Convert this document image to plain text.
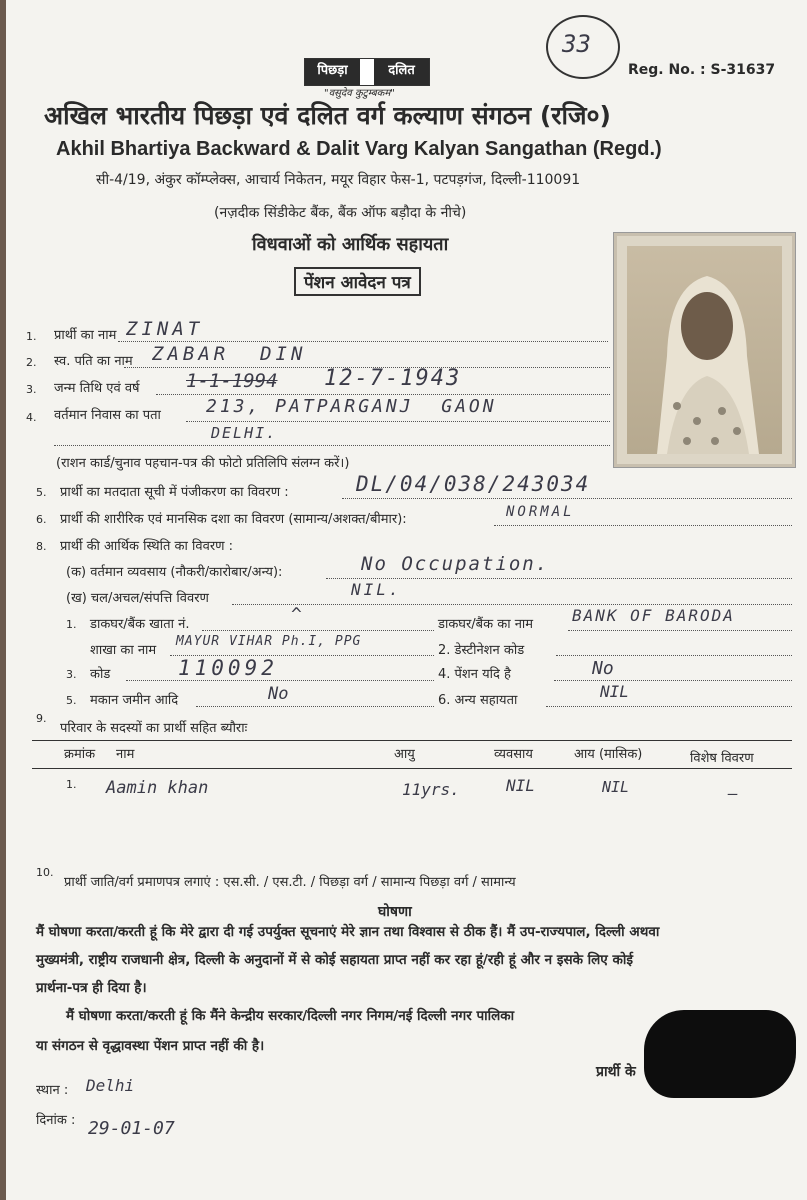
33
पिछड़ा	दलित
"वसुदेव कुटुम्बकम"
Reg. No. : S-31637
अखिल भारतीय पिछड़ा एवं दलित वर्ग कल्याण संगठन (रजि०)
Akhil Bhartiya Backward & Dalit Varg Kalyan Sangathan (Regd.)
सी-4/19, अंकुर कॉम्प्लेक्स, आचार्य निकेतन, मयूर विहार फेस-1, पटपड़गंज, दिल्ली-110091
(नज़दीक सिंडीकेट बैंक, बैंक ऑफ बड़ौदा के नीचे)
विधवाओं को आर्थिक सहायता
पेंशन आवेदन पत्र
1. प्रार्थी का नाम ZINAT
2. स्व. पति का नाम ZABAR  DIN
3. जन्म तिथि एवं वर्ष 1-1-1994 12-7-1943
4. वर्तमान निवास का पता	213, PATPARGANJ  GAON
DELHI.
(राशन कार्ड/चुनाव पहचान-पत्र की फोटो प्रतिलिपि संलग्न करें।)
5. प्रार्थी का मतदाता सूची में पंजीकरण का विवरण :	DL/04/038/243034
6. प्रार्थी की शारीरिक एवं मानसिक दशा का विवरण (सामान्य/अशक्त/बीमार):	NORMAL
8. प्रार्थी की आर्थिक स्थिति का विवरण :
(क) वर्तमान व्यवसाय (नौकरी/कारोबार/अन्य):	No Occupation.
(ख) चल/अचल/संपत्ति विवरण	NIL.
1. डाकघर/बैंक खाता नं.	^	डाकघर/बैंक का नाम BANK OF BARODA
शाखा का नाम
MAYUR VIHAR Ph.I, PPG
2. डेस्टीनेशन कोड
3. कोड	110092	4. पेंशन यदि है	No
5. मकान जमीन आदि	No	6. अन्य सहायता	NIL
9.
परिवार के सदस्यों का प्रार्थी सहित ब्यौराः
क्रमांक नाम	आयु	व्यवसाय	आय (मासिक)	विशेष विवरण
1. Aamin khan	11yrs.	NIL	NIL	—
10.
प्रार्थी जाति/वर्ग प्रमाणपत्र लगाएं : एस.सी. / एस.टी. / पिछड़ा वर्ग / सामान्य पिछड़ा वर्ग / सामान्य
घोषणा
मैं घोषणा करता/करती हूं कि मेरे द्वारा दी गई उपर्युक्त सूचनाएं मेरे ज्ञान तथा विश्वास से ठीक हैं। मैं उप-राज्यपाल, दिल्ली अथवा
मुख्यमंत्री, राष्ट्रीय राजधानी क्षेत्र, दिल्ली के अनुदानों में से कोई सहायता प्राप्त नहीं कर रहा हूं/रही हूं और न इसके लिए कोई
प्रार्थना-पत्र ही दिया है।
मैं घोषणा करता/करती हूं कि मैंने केन्द्रीय सरकार/दिल्ली नगर निगम/नई दिल्ली नगर पालिका
या संगठन से वृद्धावस्था पेंशन प्राप्त नहीं की है।
प्रार्थी के
स्थान : Delhi
दिनांक : 29-01-07
